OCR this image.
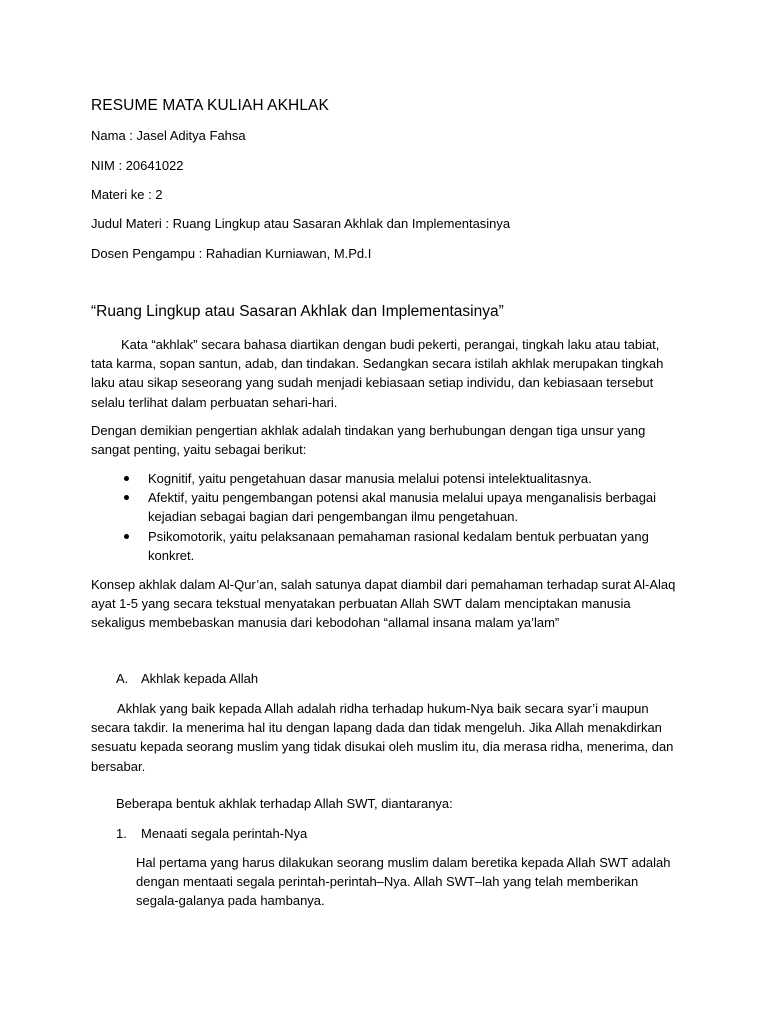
RESUME MATA KULIAH AKHLAK
Nama : Jasel Aditya Fahsa
NIM : 20641022
Materi ke : 2
Judul Materi : Ruang Lingkup atau Sasaran Akhlak dan Implementasinya
Dosen Pengampu : Rahadian Kurniawan, M.Pd.I
“Ruang Lingkup atau Sasaran Akhlak dan Implementasinya”
Kata “akhlak” secara bahasa diartikan dengan budi pekerti, perangai, tingkah laku atau tabiat, tata karma, sopan santun, adab, dan tindakan. Sedangkan secara istilah akhlak merupakan tingkah laku atau sikap seseorang yang sudah menjadi kebiasaan setiap individu, dan kebiasaan tersebut selalu terlihat dalam perbuatan sehari-hari.
Dengan demikian pengertian akhlak adalah tindakan yang berhubungan dengan tiga unsur yang sangat penting, yaitu sebagai berikut:
Kognitif, yaitu pengetahuan dasar manusia melalui potensi intelektualitasnya.
Afektif, yaitu pengembangan potensi akal manusia melalui upaya menganalisis berbagai kejadian sebagai bagian dari pengembangan ilmu pengetahuan.
Psikomotorik, yaitu pelaksanaan pemahaman rasional kedalam bentuk perbuatan yang konkret.
Konsep akhlak dalam Al-Qur’an, salah satunya dapat diambil dari pemahaman terhadap surat Al-Alaq ayat 1-5 yang secara tekstual menyatakan perbuatan Allah SWT dalam menciptakan manusia sekaligus membebaskan manusia dari kebodohan “allamal insana malam ya’lam”
A. Akhlak kepada Allah
Akhlak yang baik kepada Allah adalah ridha terhadap hukum-Nya baik secara syar’i maupun secara takdir. Ia menerima hal itu dengan lapang dada dan tidak mengeluh. Jika Allah menakdirkan sesuatu kepada seorang muslim yang tidak disukai oleh muslim itu, dia merasa ridha, menerima, dan bersabar.
Beberapa bentuk akhlak terhadap Allah SWT, diantaranya:
1. Menaati segala perintah-Nya
Hal pertama yang harus dilakukan seorang muslim dalam beretika kepada Allah SWT adalah dengan mentaati segala perintah-perintah–Nya. Allah SWT–lah yang telah memberikan segala-galanya pada hambanya.
